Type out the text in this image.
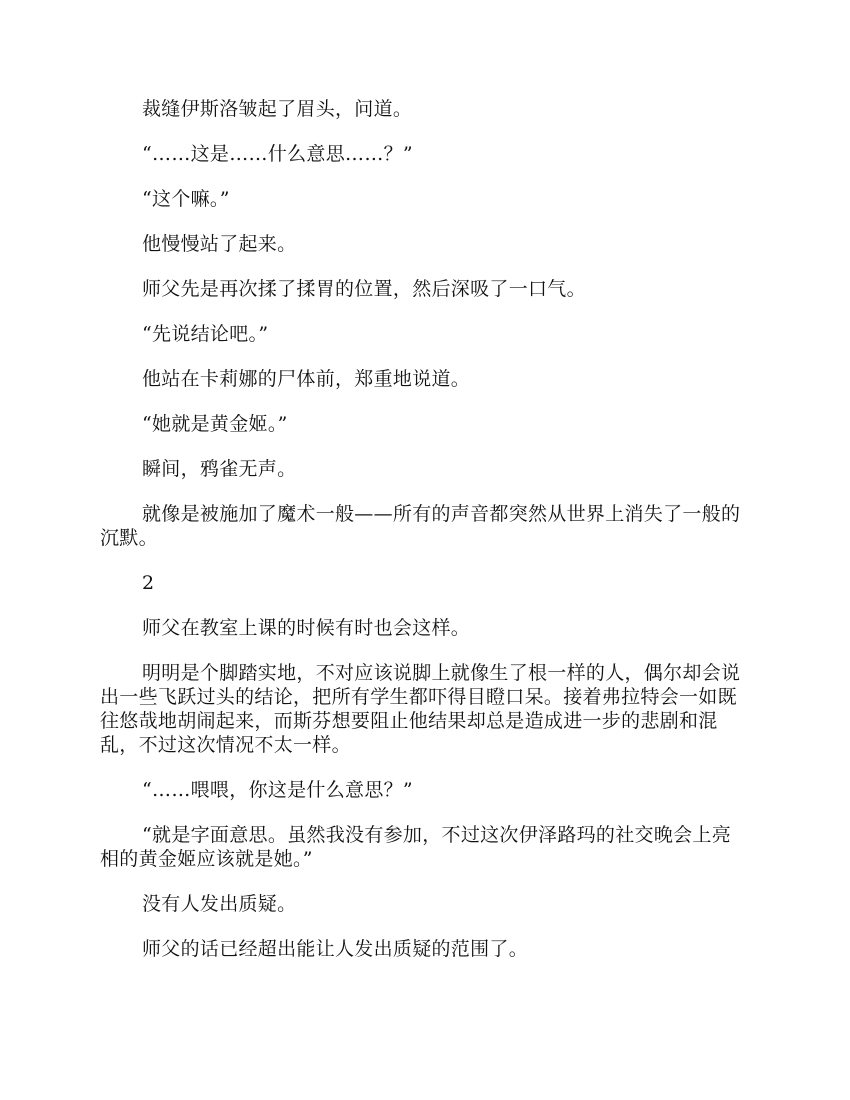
裁缝伊斯洛皱起了眉头，问道。

“……这是……什么意思……？”

“这个嘛。”

他慢慢站了起来。

师父先是再次揉了揉胃的位置，然后深吸了一口气。

“先说结论吧。”

他站在卡莉娜的尸体前，郑重地说道。

“她就是黄金姬。”

瞬间，鸦雀无声。

就像是被施加了魔术一般——所有的声音都突然从世界上消失了一般的沉默。

2

师父在教室上课的时候有时也会这样。

明明是个脚踏实地，不对应该说脚上就像生了根一样的人，偶尔却会说出一些飞跃过头的结论，把所有学生都吓得目瞪口呆。接着弗拉特会一如既往悠哉地胡闹起来，而斯芬想要阻止他结果却总是造成进一步的悲剧和混乱，不过这次情况不太一样。

“……喂喂，你这是什么意思？”

“就是字面意思。虽然我没有参加，不过这次伊泽路玛的社交晚会上亮相的黄金姬应该就是她。”

没有人发出质疑。

师父的话已经超出能让人发出质疑的范围了。
